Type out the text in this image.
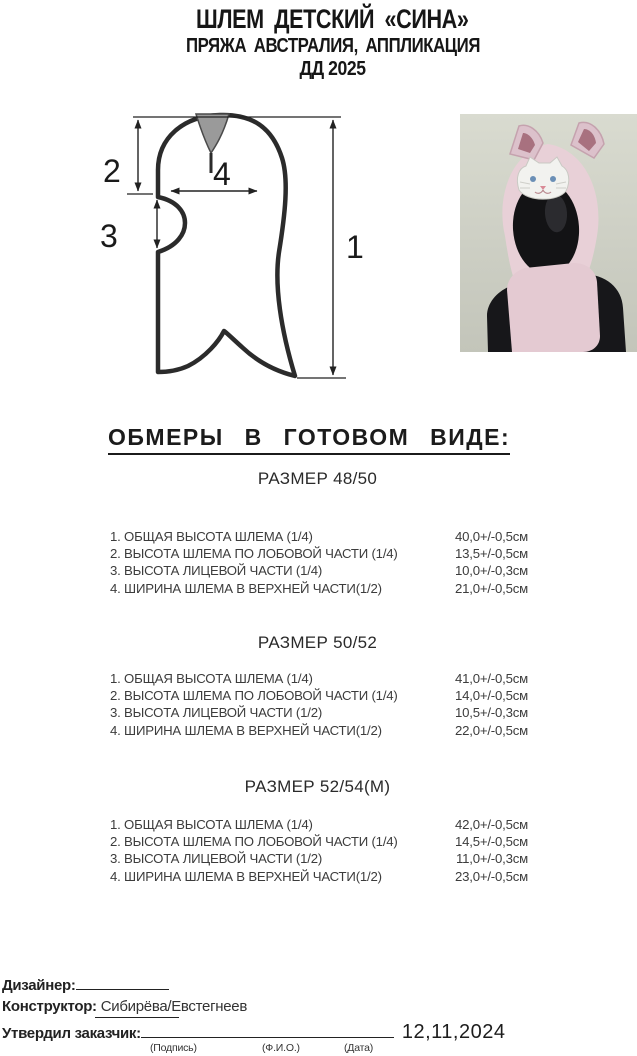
ШЛЕМ ДЕТСКИЙ «СИНА»
ПРЯЖА АВСТРАЛИЯ, АППЛИКАЦИЯ
ДД 2025
1
2
3
4
ОБМЕРЫ В ГОТОВОМ ВИДЕ:
РАЗМЕР 48/50
1. ОБЩАЯ ВЫСОТА ШЛЕМА (1/4)	40,0+/-0,5см
2. ВЫСОТА ШЛЕМА ПО ЛОБОВОЙ ЧАСТИ (1/4)	13,5+/-0,5см
3. ВЫСОТА ЛИЦЕВОЙ ЧАСТИ (1/4)	10,0+/-0,3см
4. ШИРИНА ШЛЕМА В ВЕРХНЕЙ ЧАСТИ(1/2)	21,0+/-0,5см
РАЗМЕР 50/52
1. ОБЩАЯ ВЫСОТА ШЛЕМА (1/4)	41,0+/-0,5см
2. ВЫСОТА ШЛЕМА ПО ЛОБОВОЙ ЧАСТИ (1/4)	14,0+/-0,5см
3. ВЫСОТА ЛИЦЕВОЙ ЧАСТИ (1/2)	10,5+/-0,3см
4. ШИРИНА ШЛЕМА В ВЕРХНЕЙ ЧАСТИ(1/2)	22,0+/-0,5см
РАЗМЕР 52/54(М)
1. ОБЩАЯ ВЫСОТА ШЛЕМА (1/4)	42,0+/-0,5см
2. ВЫСОТА ШЛЕМА ПО ЛОБОВОЙ ЧАСТИ (1/4)	14,5+/-0,5см
3. ВЫСОТА ЛИЦЕВОЙ ЧАСТИ (1/2)	11,0+/-0,3см
4. ШИРИНА ШЛЕМА В ВЕРХНЕЙ ЧАСТИ(1/2)	23,0+/-0,5см
Дизайнер:
Конструктор: Сибирёва/Евстегнеев
Утвердил заказчик:	12,11,2024
(Подпись)	(Ф.И.О.)	(Дата)
